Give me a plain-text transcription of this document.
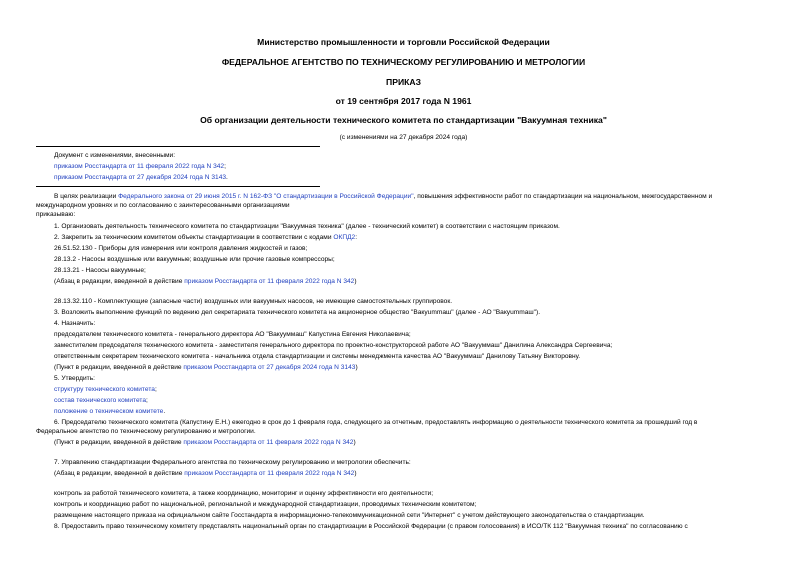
Министерство промышленности и торговли Российской Федерации
ФЕДЕРАЛЬНОЕ АГЕНТСТВО ПО ТЕХНИЧЕСКОМУ РЕГУЛИРОВАНИЮ И МЕТРОЛОГИИ
ПРИКАЗ
от 19 сентября 2017 года N 1961
Об организации деятельности технического комитета по стандартизации "Вакуумная техника"
(с изменениями на 27 декабря 2024 года)
Документ с изменениями, внесенными:
приказом Росстандарта от 11 февраля 2022 года N 342;
приказом Росстандарта от 27 декабря 2024 года N 3143.
В целях реализации Федерального закона от 29 июня 2015 г. N 162-ФЗ "О стандартизации в Российской Федерации", повышения эффективности работ по стандартизации на национальном, межгосударственном и
международном уровнях и по согласованию с заинтересованными организациями
приказываю:
1. Организовать деятельность технического комитета по стандартизации "Вакуумная техника" (далее - технический комитет) в соответствии с настоящим приказом.
2. Закрепить за техническим комитетом объекты стандартизации в соответствии с кодами ОКПД2:
26.51.52.130 - Приборы для измерения или контроля давления жидкостей и газов;
28.13.2 - Насосы воздушные или вакуумные; воздушные или прочие газовые компрессоры;
28.13.21 - Насосы вакуумные;
(Абзац в редакции, введенной в действие приказом Росстандарта от 11 февраля 2022 года N 342)
28.13.32.110 - Комплектующие (запасные части) воздушных или вакуумных насосов, не имеющие самостоятельных группировок.
3. Возложить выполнение функций по ведению дел секретариата технического комитета на акционерное общество "Вакуummаш" (далее - АО "Вакуummаш").
4. Назначить:
председателем технического комитета - генерального директора АО "Вакууммаш" Капустина Евгения Николаевича;
заместителем председателя технического комитета - заместителя генерального директора по проектно-конструкторской работе АО "Вакууммаш" Данилина Александра Сергеевича;
ответственным секретарем технического комитета - начальника отдела стандартизации и системы менеджмента качества АО "Вакууммаш" Данилову Татьяну Викторовну.
(Пункт в редакции, введенной в действие приказом Росстандарта от 27 декабря 2024 года N 3143)
5. Утвердить:
структуру технического комитета;
состав технического комитета;
положение о техническом комитете.
6. Председателю технического комитета (Капустину Е.Н.) ежегодно в срок до 1 февраля года, следующего за отчетным, предоставлять информацию о деятельности технического комитета за прошедший год в
Федеральное агентство по техническому регулированию и метрологии.
(Пункт в редакции, введенной в действие приказом Росстандарта от 11 февраля 2022 года N 342)
7. Управлению стандартизации Федерального агентства по техническому регулированию и метрологии обеспечить:
(Абзац в редакции, введенной в действие приказом Росстандарта от 11 февраля 2022 года N 342)
контроль за работой технического комитета, а также координацию, мониторинг и оценку эффективности его деятельности;
контроль и координацию работ по национальной, региональной и международной стандартизации, проводимых техническим комитетом;
размещение настоящего приказа на официальном сайте Госстандарта в информационно-телекоммуникационной сети "Интернет" с учетом действующего законодательства о стандартизации.
8. Предоставить право техническому комитету представлять национальный орган по стандартизации в Российской Федерации (с правом голосования) в ИСО/ТК 112 "Вакуумная техника" по согласованию с
